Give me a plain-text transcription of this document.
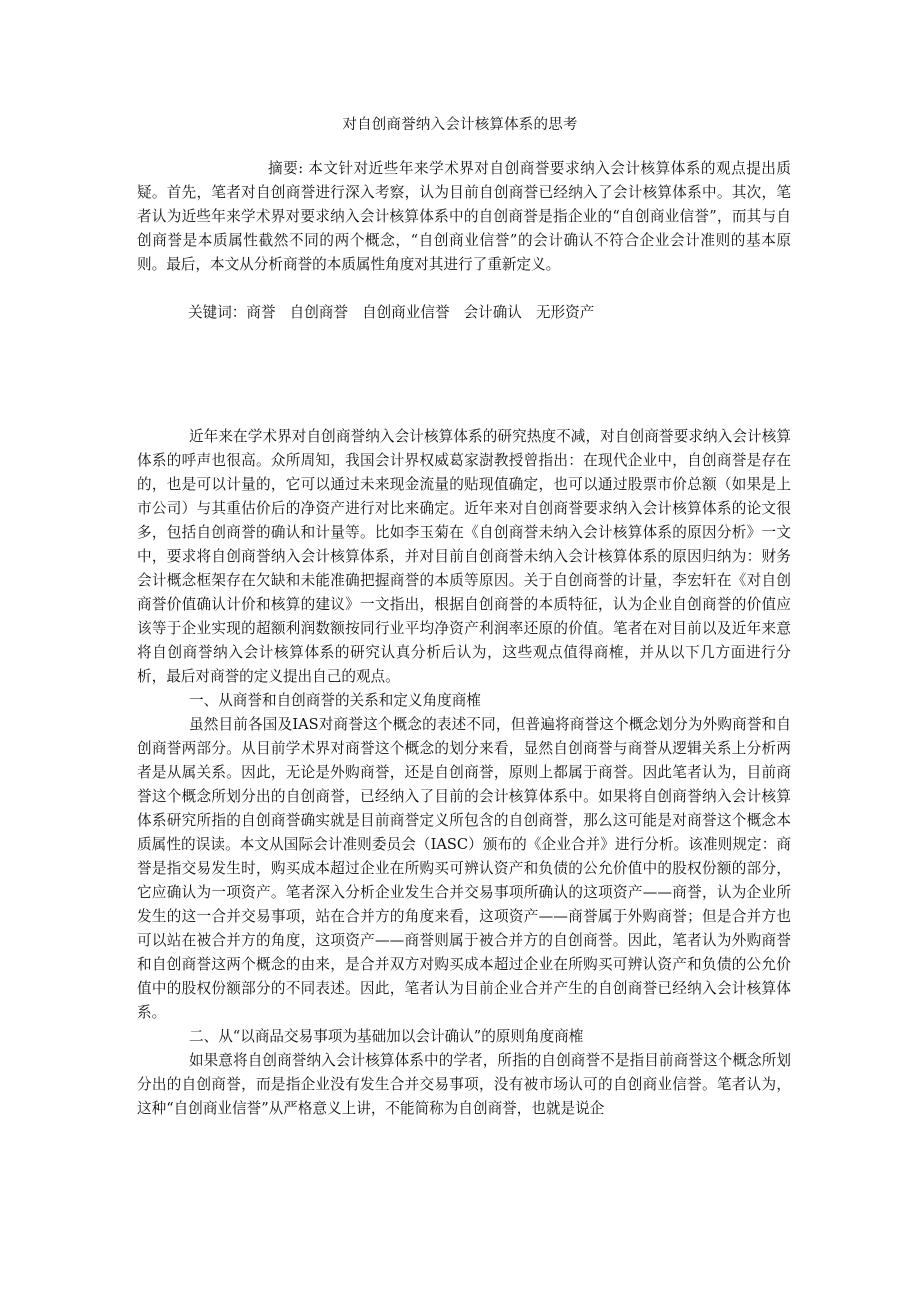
对自创商誉纳入会计核算体系的思考

摘要: 本文针对近些年来学术界对自创商誉要求纳入会计核算体系的观点提出质疑。首先，笔者对自创商誉进行深入考察，认为目前自创商誉已经纳入了会计核算体系中。其次，笔者认为近些年来学术界对要求纳入会计核算体系中的自创商誉是指企业的“自创商业信誉”，而其与自创商誉是本质属性截然不同的两个概念，“自创商业信誉”的会计确认不符合企业会计准则的基本原则。最后，本文从分析商誉的本质属性角度对其进行了重新定义。

关键词：商誉 自创商誉 自创商业信誉 会计确认 无形资产

近年来在学术界对自创商誉纳入会计核算体系的研究热度不减，对自创商誉要求纳入会计核算体系的呼声也很高。众所周知，我国会计界权威葛家澍教授曾指出：在现代企业中，自创商誉是存在的，也是可以计量的，它可以通过未来现金流量的贴现值确定，也可以通过股票市价总额（如果是上市公司）与其重估价后的净资产进行对比来确定。近年来对自创商誉要求纳入会计核算体系的论文很多，包括自创商誉的确认和计量等。比如李玉菊在《自创商誉未纳入会计核算体系的原因分析》一文中，要求将自创商誉纳入会计核算体系，并对目前自创商誉未纳入会计核算体系的原因归纳为：财务会计概念框架存在欠缺和未能准确把握商誉的本质等原因。关于自创商誉的计量，李宏轩在《对自创商誉价值确认计价和核算的建议》一文指出，根据自创商誉的本质特征，认为企业自创商誉的价值应该等于企业实现的超额利润数额按同行业平均净资产利润率还原的价值。笔者在对目前以及近年来意将自创商誉纳入会计核算体系的研究认真分析后认为，这些观点值得商榷，并从以下几方面进行分析，最后对商誉的定义提出自己的观点。

一、从商誉和自创商誉的关系和定义角度商榷

虽然目前各国及IAS对商誉这个概念的表述不同，但普遍将商誉这个概念划分为外购商誉和自创商誉两部分。从目前学术界对商誉这个概念的划分来看，显然自创商誉与商誉从逻辑关系上分析两者是从属关系。因此，无论是外购商誉，还是自创商誉，原则上都属于商誉。因此笔者认为，目前商誉这个概念所划分出的自创商誉，已经纳入了目前的会计核算体系中。如果将自创商誉纳入会计核算体系研究所指的自创商誉确实就是目前商誉定义所包含的自创商誉，那么这可能是对商誉这个概念本质属性的误读。本文从国际会计准则委员会（IASC）颁布的《企业合并》进行分析。该准则规定：商誉是指交易发生时，购买成本超过企业在所购买可辨认资产和负债的公允价值中的股权份额的部分，它应确认为一项资产。笔者深入分析企业发生合并交易事项所确认的这项资产——商誉，认为企业所发生的这一合并交易事项，站在合并方的角度来看，这项资产——商誉属于外购商誉；但是合并方也可以站在被合并方的角度，这项资产——商誉则属于被合并方的自创商誉。因此，笔者认为外购商誉和自创商誉这两个概念的由来，是合并双方对购买成本超过企业在所购买可辨认资产和负债的公允价值中的股权份额部分的不同表述。因此，笔者认为目前企业合并产生的自创商誉已经纳入会计核算体系。

二、从“以商品交易事项为基础加以会计确认”的原则角度商榷

如果意将自创商誉纳入会计核算体系中的学者，所指的自创商誉不是指目前商誉这个概念所划分出的自创商誉，而是指企业没有发生合并交易事项，没有被市场认可的自创商业信誉。笔者认为，这种“自创商业信誉”从严格意义上讲，不能简称为自创商誉，也就是说企
